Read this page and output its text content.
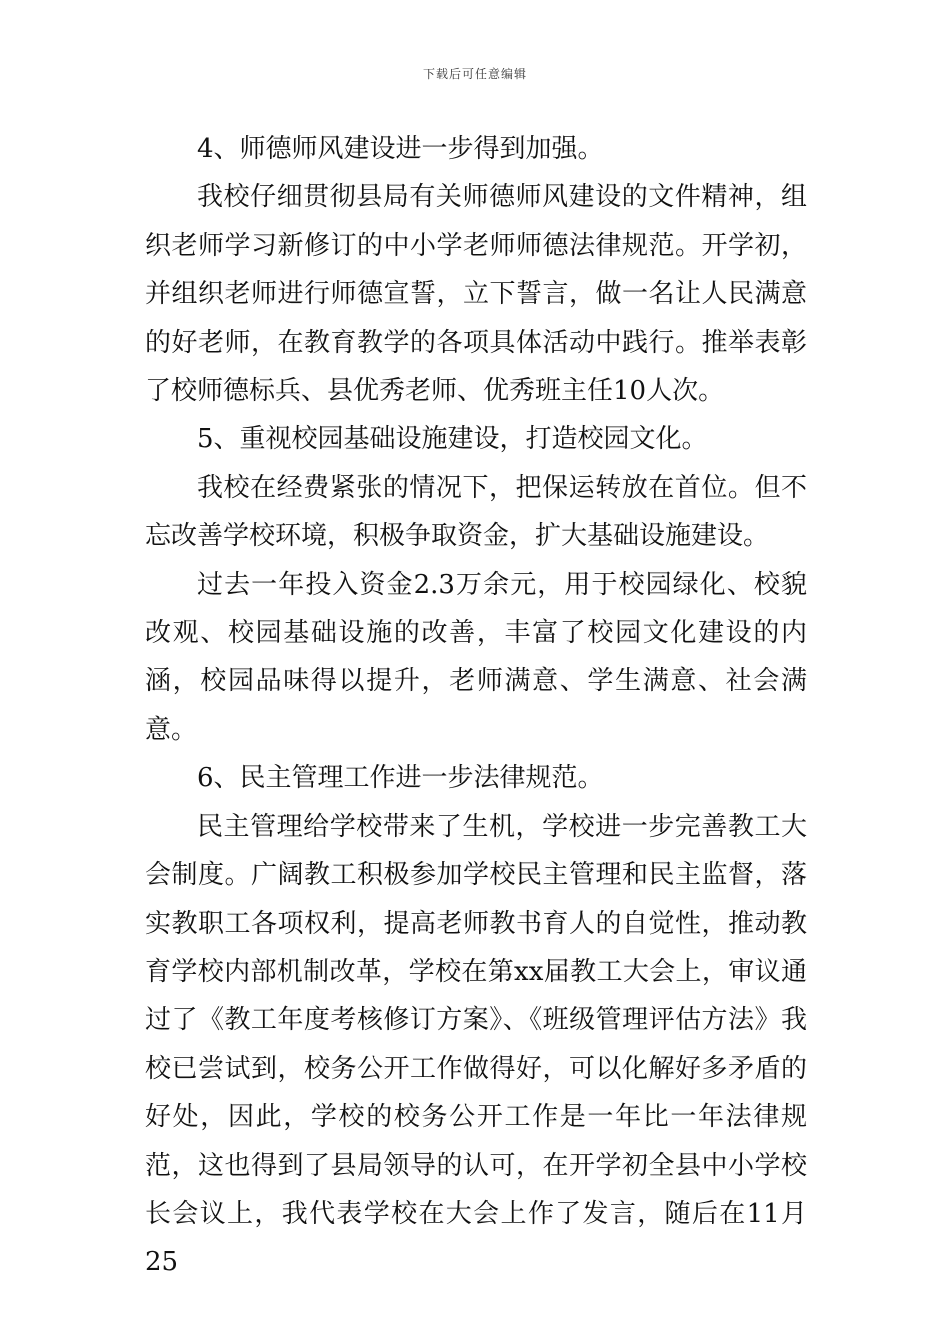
下载后可任意编辑

4、师德师风建设进一步得到加强。

我校仔细贯彻县局有关师德师风建设的文件精神，组织老师学习新修订的中小学老师师德法律规范。开学初，并组织老师进行师德宣誓，立下誓言，做一名让人民满意的好老师，在教育教学的各项具体活动中践行。推举表彰了校师德标兵、县优秀老师、优秀班主任10人次。

5、重视校园基础设施建设，打造校园文化。

我校在经费紧张的情况下，把保运转放在首位。但不忘改善学校环境，积极争取资金，扩大基础设施建设。

过去一年投入资金2.3万余元，用于校园绿化、校貌改观、校园基础设施的改善，丰富了校园文化建设的内涵，校园品味得以提升，老师满意、学生满意、社会满意。

6、民主管理工作进一步法律规范。

民主管理给学校带来了生机，学校进一步完善教工大会制度。广阔教工积极参加学校民主管理和民主监督，落实教职工各项权利，提高老师教书育人的自觉性，推动教育学校内部机制改革，学校在第xx届教工大会上，审议通过了《教工年度考核修订方案》、《班级管理评估方法》我校已尝试到，校务公开工作做得好，可以化解好多矛盾的好处，因此，学校的校务公开工作是一年比一年法律规范，这也得到了县局领导的认可，在开学初全县中小学校长会议上，我代表学校在大会上作了发言，随后在11月25
